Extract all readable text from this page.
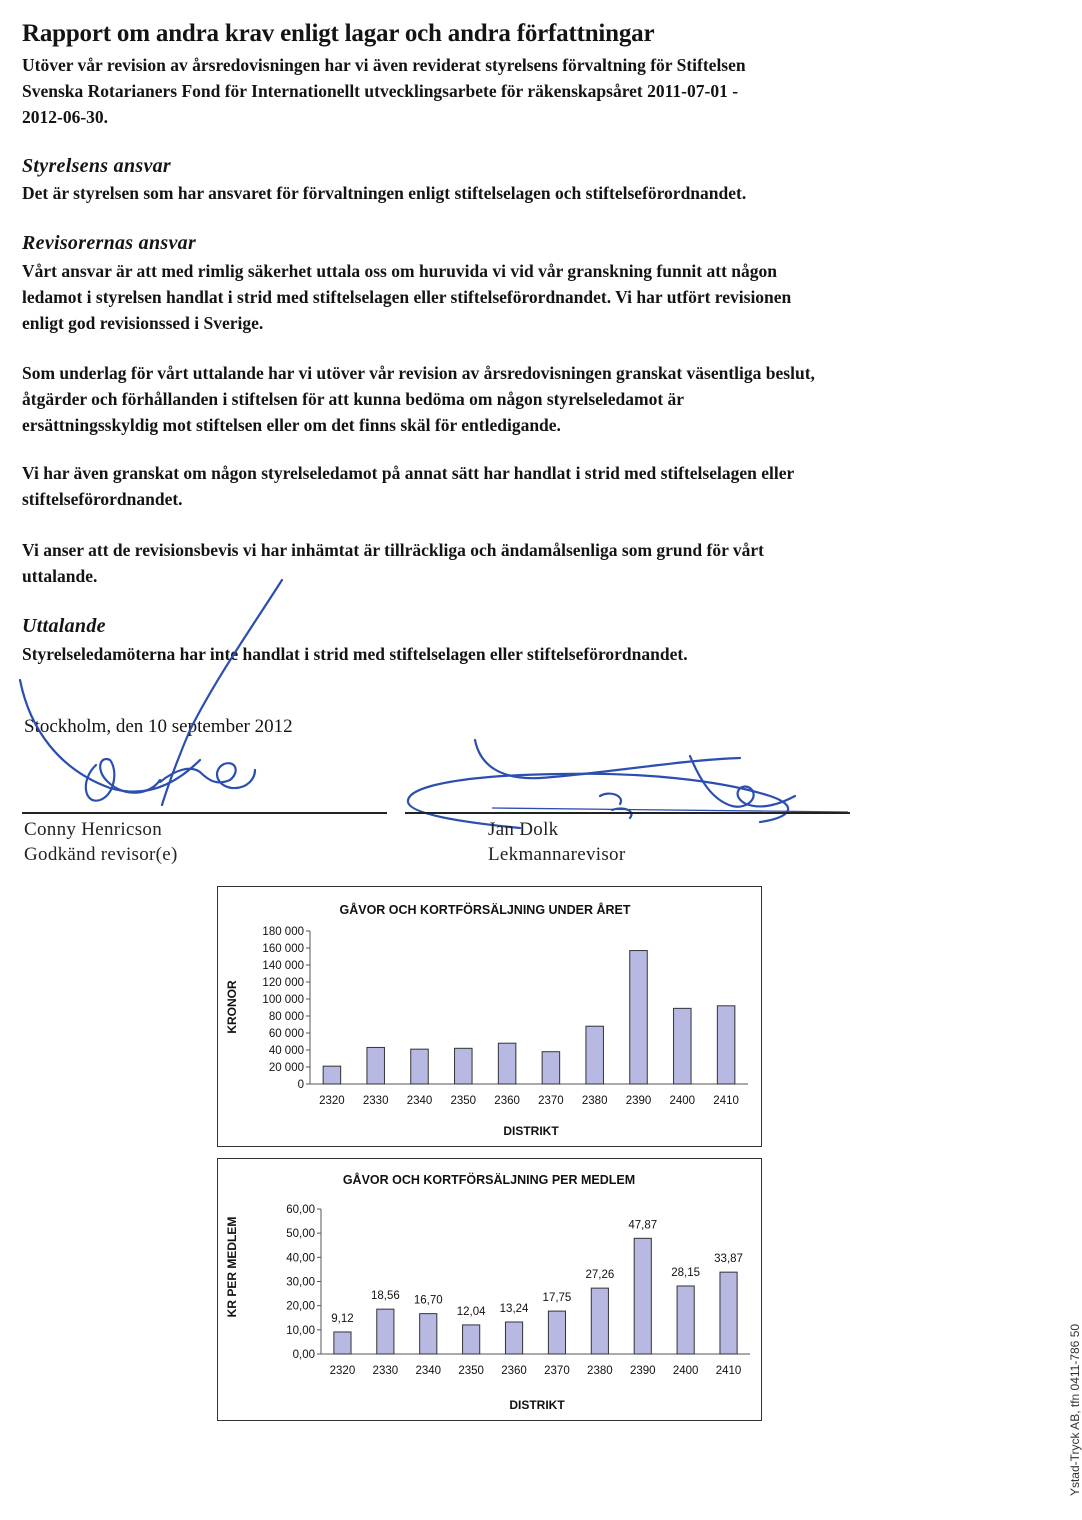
Rapport om andra krav enligt lagar och andra författningar
Utöver vår revision av årsredovisningen har vi även reviderat styrelsens förvaltning för Stiftelsen
Svenska Rotarianers Fond för Internationellt utvecklingsarbete för räkenskapsåret 2011-07-01 -
2012-06-30.
Styrelsens ansvar
Det är styrelsen som har ansvaret för förvaltningen enligt stiftelselagen och stiftelseförordnandet.
Revisorernas ansvar
Vårt ansvar är att med rimlig säkerhet uttala oss om huruvida vi vid vår granskning funnit att någon
ledamot i styrelsen handlat i strid med stiftelselagen eller stiftelseförordnandet. Vi har utfört revisionen
enligt god revisionssed i Sverige.
Som underlag för vårt uttalande har vi utöver vår revision av årsredovisningen granskat väsentliga beslut,
åtgärder och förhållanden i stiftelsen för att kunna bedöma om någon styrelseledamot är
ersättningsskyldig mot stiftelsen eller om det finns skäl för entledigande.
Vi har även granskat om någon styrelseledamot på annat sätt har handlat i strid med stiftelselagen eller
stiftelseförordnandet.
Vi anser att de revisionsbevis vi har inhämtat är tillräckliga och ändamålsenliga som grund för vårt
uttalande.
Uttalande
Styrelseledamöterna har inte handlat i strid med stiftelselagen eller stiftelseförordnandet.
Stockholm, den 10 september 2012
Conny Henricson
Godkänd revisor(e)
Jan Dolk
Lekmannarevisor
GÅVOR OCH KORTFÖRSÄLJNING UNDER ÅRET
KRONOR
DISTRIKT
180 000
160 000
140 000
120 000
100 000
80 000
60 000
40 000
20 000
0
2320 2330 2340 2350 2360 2370 2380 2390 2400 2410
GÅVOR OCH KORTFÖRSÄLJNING PER MEDLEM
KR PER MEDLEM
DISTRIKT
60,00
50,00
40,00
30,00
20,00
10,00
0,00
2320
9,12
2330
18,56
2340
16,70
2350
12,04
2360
13,24
2370
17,75
2380
27,26
2390
47,87
2400
28,15
2410
33,87
Ystad-Tryck AB, tfn 0411-786 50
